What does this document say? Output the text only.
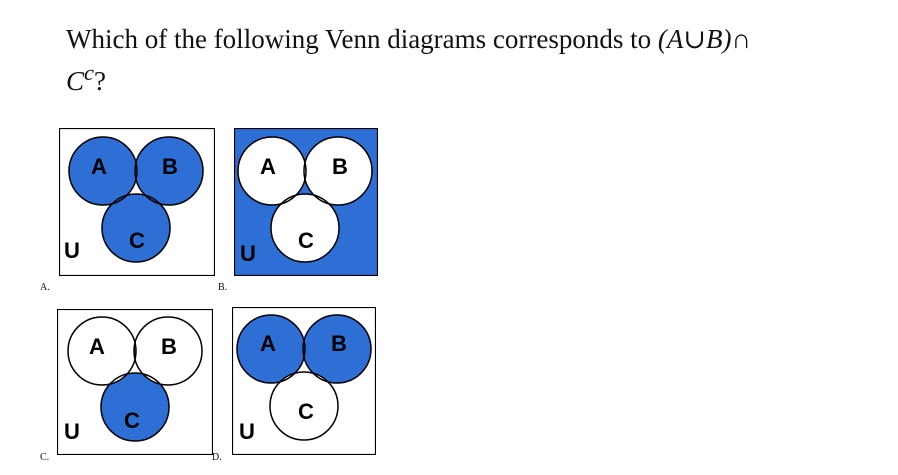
Which of the following Venn diagrams corresponds to (A∪B)∩
$C^c$?
A	B
C
U
A.
A	B
C
U
B.
A	B
C
U
C.
A	B
C
U
D.
